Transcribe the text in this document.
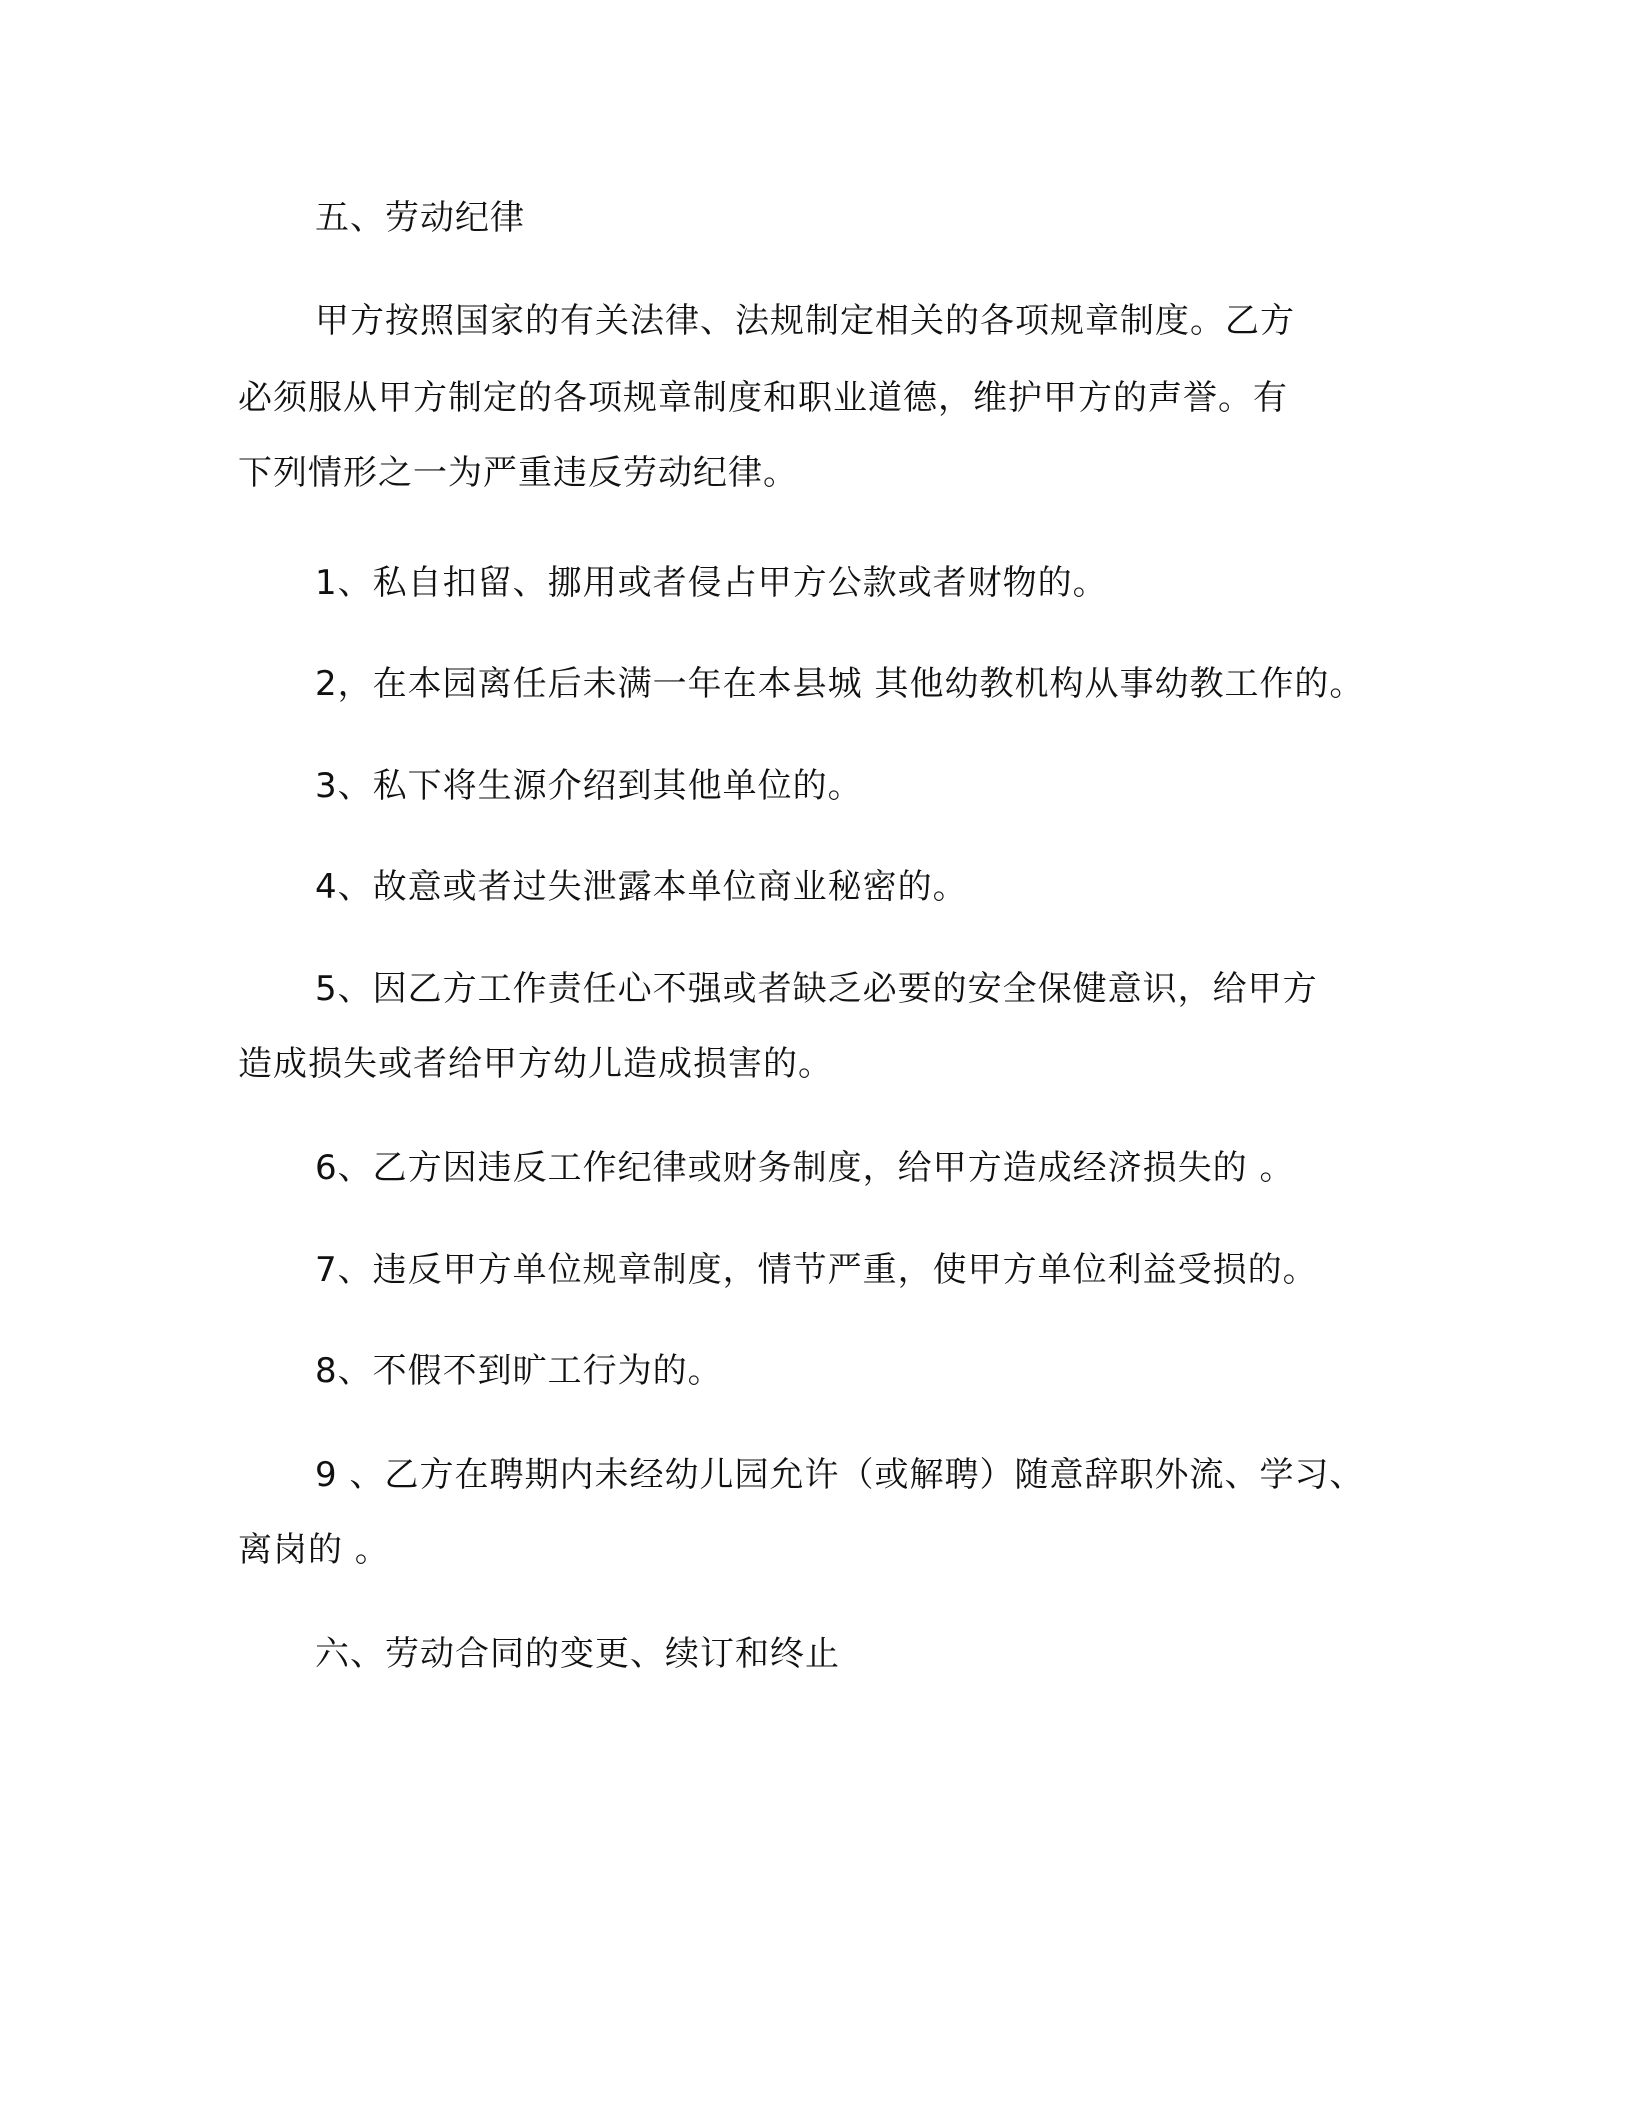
五、劳动纪律
甲方按照国家的有关法律、法规制定相关的各项规章制度。乙方
必须服从甲方制定的各项规章制度和职业道德，维护甲方的声誉。有
下列情形之一为严重违反劳动纪律。
1、私自扣留、挪用或者侵占甲方公款或者财物的。
2，在本园离任后未满一年在本县城 其他幼教机构从事幼教工作的。
3、私下将生源介绍到其他单位的。
4、故意或者过失泄露本单位商业秘密的。
5、因乙方工作责任心不强或者缺乏必要的安全保健意识，给甲方
造成损失或者给甲方幼儿造成损害的。
6、乙方因违反工作纪律或财务制度，给甲方造成经济损失的 。
7、违反甲方单位规章制度，情节严重，使甲方单位利益受损的。
8、不假不到旷工行为的。
9 、乙方在聘期内未经幼儿园允许（或解聘）随意辞职外流、学习、
离岗的 。
六、劳动合同的变更、续订和终止
